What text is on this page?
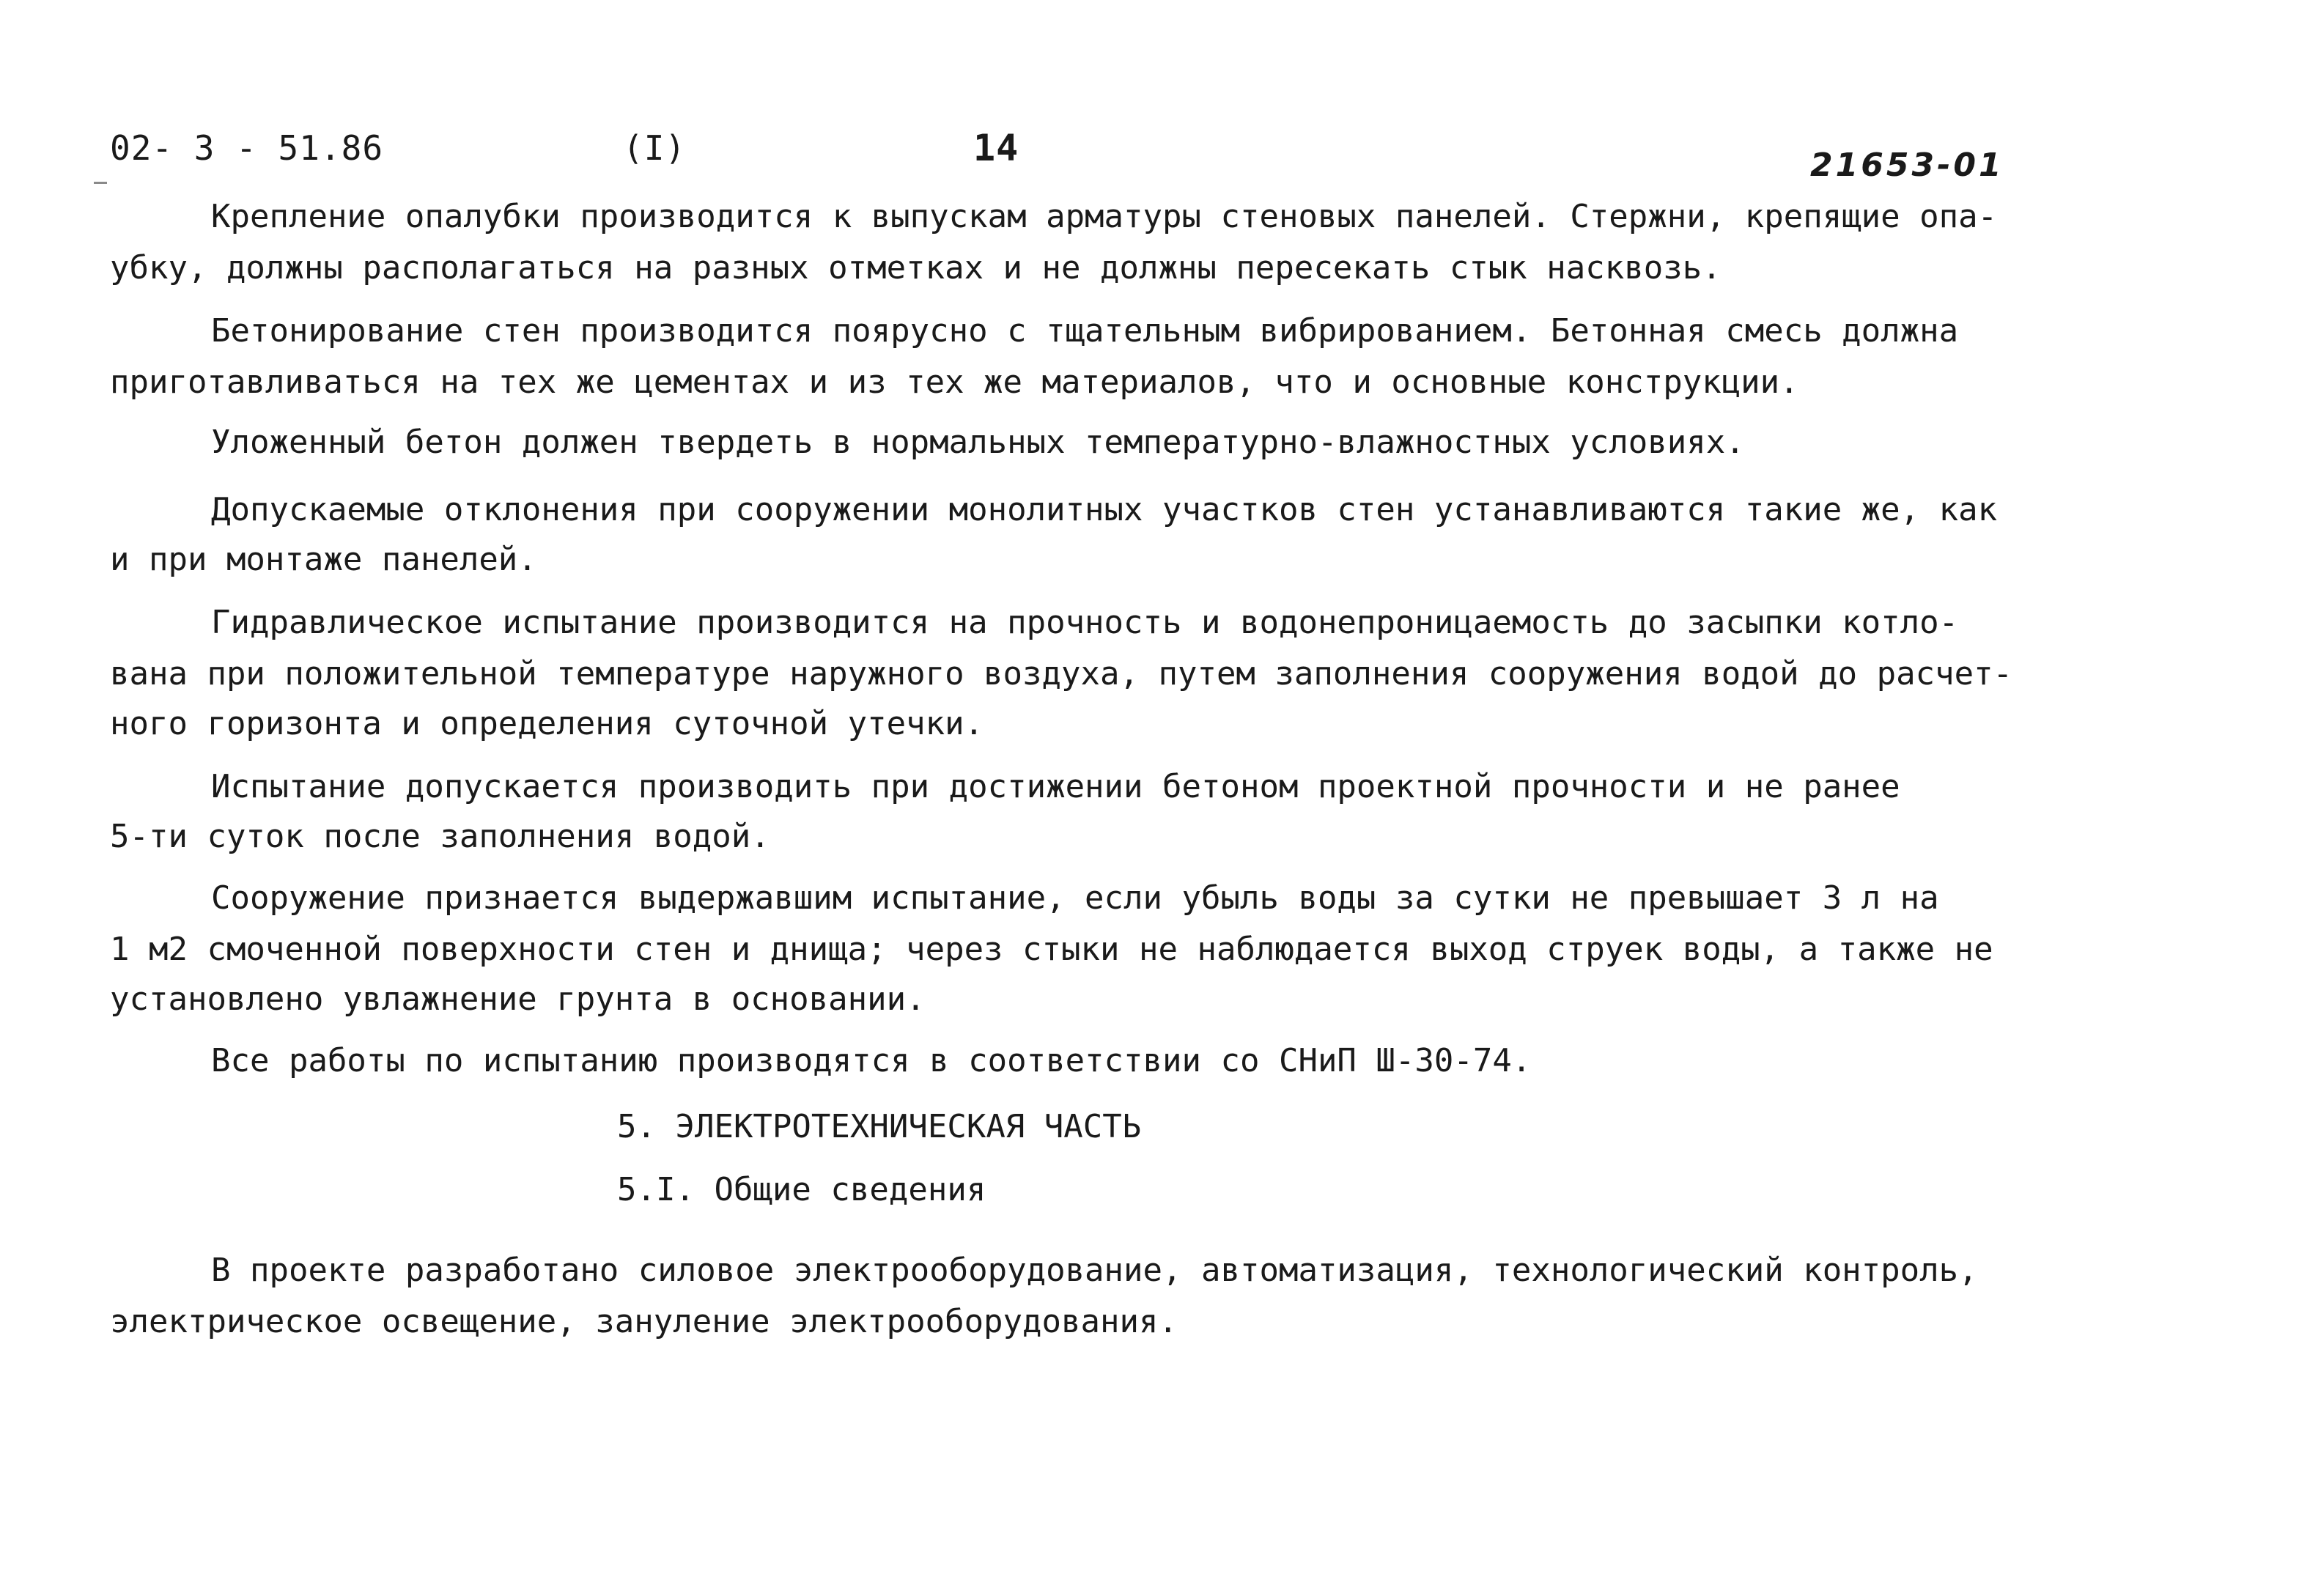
02- 3 - 51.86	(I)	14	21653-01
Крепление опалубки производится к выпускам арматуры стеновых панелей. Стержни, крепящие опа-
убку, должны располагаться на разных отметках и не должны пересекать стык насквозь.
Бетонирование стен производится поярусно с тщательным вибрированием. Бетонная смесь должна
приготавливаться на тех же цементах и из тех же материалов, что и основные конструкции.
Уложенный бетон должен твердеть в нормальных температурно-влажностных условиях.
Допускаемые отклонения при сооружении монолитных участков стен устанавливаются такие же, как
и при монтаже панелей.
Гидравлическое испытание производится на прочность и водонепроницаемость до засыпки котло-
вана при положительной температуре наружного воздуха, путем заполнения сооружения водой до расчет-
ного горизонта и определения суточной утечки.
Испытание допускается производить при достижении бетоном проектной прочности и не ранее
5-ти суток после заполнения водой.
Сооружение признается выдержавшим испытание, если убыль воды за сутки не превышает 3 л на
1 м2 смоченной поверхности стен и днища; через стыки не наблюдается выход струек воды, а также не
установлено увлажнение грунта в основании.
Все работы по испытанию производятся в соответствии со СНиП Ш-30-74.
5. ЭЛЕКТРОТЕХНИЧЕСКАЯ ЧАСТЬ
5.I. Общие сведения
В проекте разработано силовое электрооборудование, автоматизация, технологический контроль,
электрическое освещение, зануление электрооборудования.
